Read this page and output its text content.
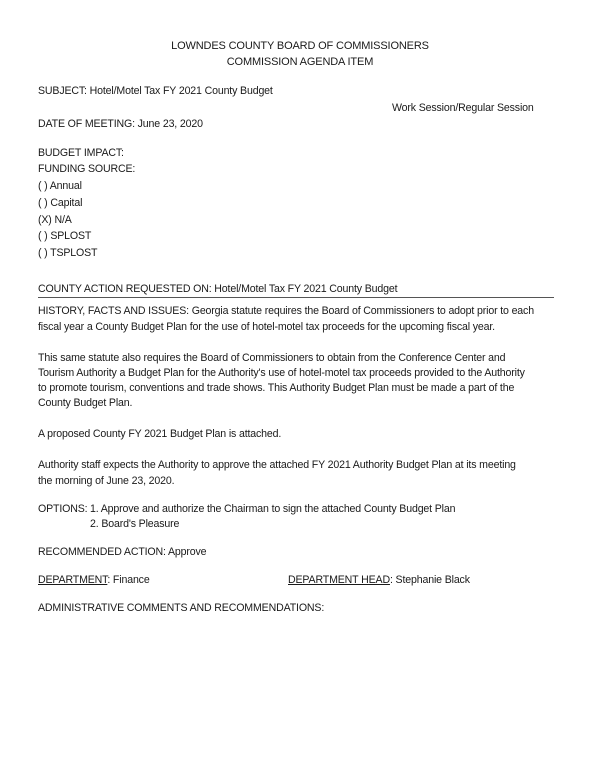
LOWNDES COUNTY BOARD OF COMMISSIONERS
COMMISSION AGENDA ITEM
SUBJECT: Hotel/Motel Tax FY 2021 County Budget
Work Session/Regular Session
DATE OF MEETING: June 23, 2020
BUDGET IMPACT:
FUNDING SOURCE:
( ) Annual
( ) Capital
(X) N/A
( ) SPLOST
( ) TSPLOST
COUNTY ACTION REQUESTED ON: Hotel/Motel Tax FY 2021 County Budget
HISTORY, FACTS AND ISSUES: Georgia statute requires the Board of Commissioners to adopt prior to each
fiscal year a County Budget Plan for the use of hotel-motel tax proceeds for the upcoming fiscal year.
This same statute also requires the Board of Commissioners to obtain from the Conference Center and
Tourism Authority a Budget Plan for the Authority's use of hotel-motel tax proceeds provided to the Authority
to promote tourism, conventions and trade shows. This Authority Budget Plan must be made a part of the
County Budget Plan.
A proposed County FY 2021 Budget Plan is attached.
Authority staff expects the Authority to approve the attached FY 2021 Authority Budget Plan at its meeting
the morning of June 23, 2020.
OPTIONS: 1. Approve and authorize the Chairman to sign the attached County Budget Plan
2. Board's Pleasure
RECOMMENDED ACTION: Approve
DEPARTMENT: Finance	DEPARTMENT HEAD: Stephanie Black
ADMINISTRATIVE COMMENTS AND RECOMMENDATIONS:
